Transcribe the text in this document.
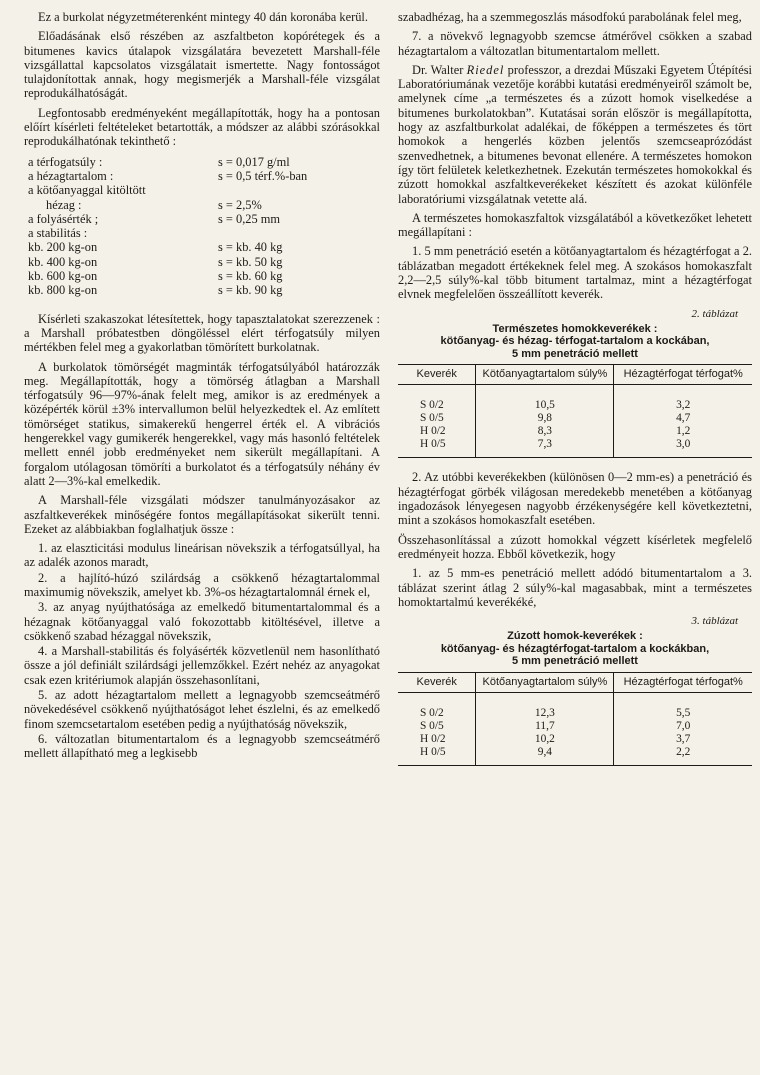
Ez a burkolat négyzetméterenként mintegy 40 dán koronába kerül.

Előadásának első részében az aszfaltbeton kopórétegek és a bitumenes kavics útalapok vizsgálatára bevezetett Marshall-féle vizsgállattal kapcsolatos vizsgálatait ismertette. Nagy fontosságot tulajdonítottak annak, hogy megismerjék a Marshall-féle vizsgálat reprodukálhatóságát.

Legfontosabb eredményeként megállapították, hogy ha a pontosan előírt kísérleti feltételeket betartották, a módszer az alábbi szórásokkal reprodukálhatónak tekinthető :

a térfogatsúly :	s = 0,017 g/ml
a hézagtartalom :	s = 0,5 térf.%-ban
a kötőanyaggal kitöltött
hézag :	s = 2,5%
a folyásérték ;	s = 0,25 mm
a stabilitás :
kb. 200 kg-on	s = kb. 40 kg
kb. 400 kg-on	s = kb. 50 kg
kb. 600 kg-on	s = kb. 60 kg
kb. 800 kg-on	s = kb. 90 kg

Kísérleti szakaszokat létesítettek, hogy tapasztalatokat szerezzenek : a Marshall próbatestben döngöléssel elért térfogatsúly milyen mértékben felel meg a gyakorlatban tömörített burkolatnak.

A burkolatok tömörségét magminták térfogatsúlyából határozzák meg. Megállapították, hogy a tömörség átlagban a Marshall térfogatsúly 96—97%-ának felelt meg, amikor is az eredmények a középérték körül ±3% intervallumon belül helyezkedtek el. Az említett tömörséget statikus, simakerekű hengerrel érték el. A vibrációs hengerekkel vagy gumikerék hengerekkel, vagy más hasonló feltételek mellett ennél jobb eredményeket nem sikerült megállapítani. A forgalom utólagosan tömöríti a burkolatot és a térfogatsúly néhány év alatt 2—3%-kal emelkedik.

A Marshall-féle vizsgálati módszer tanulmányozásakor az aszfaltkeverékek minőségére fontos megállapításokat sikerült tenni. Ezeket az alábbiakban foglalhatjuk össze :

1. az elaszticitási modulus lineárisan növekszik a térfogatsúllyal, ha az adalék azonos maradt,

2. a hajlító-húzó szilárdság a csökkenő hézagtartalommal maximumig növekszik, amelyet kb. 3%-os hézagtartalomnál érnek el,

3. az anyag nyújthatósága az emelkedő bitumentartalommal és a hézagnak kötőanyaggal való fokozottabb kitöltésével, illetve a csökkenő szabad hézaggal növekszik,

4. a Marshall-stabilitás és folyásérték közvetlenül nem hasonlítható össze a jól definiált szilárdsági jellemzőkkel. Ezért nehéz az anyagokat csak ezen kritériumok alapján összehasonlítani,

5. az adott hézagtartalom mellett a legnagyobb szemcseátmérő növekedésével csökkenő nyújthatóságot lehet észlelni, és az emelkedő finom szemcsetartalom esetében pedig a nyújthatóság növekszik,

6. változatlan bitumentartalom és a legnagyobb szemcseátmérő mellett állapítható meg a legkisebb

szabadhézag, ha a szemmegoszlás másodfokú parabolának felel meg,

7. a növekvő legnagyobb szemcse átmérővel csökken a szabad hézagtartalom a változatlan bitumentartalom mellett.

Dr. Walter Riedel professzor, a drezdai Műszaki Egyetem Útépítési Laboratóriumának vezetője korábbi kutatási eredményeiről számolt be, amelynek címe „a természetes és a zúzott homok viselkedése a bitumenes burkolatokban”. Kutatásai során először is megállapította, hogy az aszfaltburkolat adalékai, de főképpen a természetes és tört homokok a hengerlés közben jelentős szemcseaprózódást szenvedhetnek, a bitumenes bevonat ellenére. A természetes homokon így tört felületek keletkezhetnek. Ezekután természetes homokokkal és zúzott homokkal aszfaltkeverékeket készített és azokat különféle laboratóriumi vizsgálatnak vetette alá.

A természetes homokaszfaltok vizsgálatából a következőket lehetett megállapítani :

1. 5 mm penetráció esetén a kötőanyagtartalom és hézagtérfogat a 2. táblázatban megadott értékeknek felel meg. A szokásos homokaszfalt 2,2—2,5 súly%-kal több bitument tartalmaz, mint a hézagtérfogat elvnek megfelelően összeállított keverék.

2. táblázat
Természetes homokkeverékek :
kötőanyag- és hézag- térfogat-tartalom a kockában,
5 mm penetráció mellett
Keverék	Kötőanyagtartalom súly%	Hézagtérfogat térfogat%
S 0/2	10,5	3,2
S 0/5	9,8	4,7
H 0/2	8,3	1,2
H 0/5	7,3	3,0

2. Az utóbbi keverékekben (különösen 0—2 mm-es) a penetráció és hézagtérfogat görbék világosan meredekebb menetében a kötőanyag ingadozások lényegesen nagyobb érzékenységére kell következtetni, mint a szokásos homokaszfalt esetében.

Összehasonlítással a zúzott homokkal végzett kísérletek megfelelő eredményeit hozza. Ebből következik, hogy

1. az 5 mm-es penetráció mellett adódó bitumentartalom a 3. táblázat szerint átlag 2 súly%-kal magasabbak, mint a természetes homoktartalmú keverékéké,

3. táblázat
Zúzott homok-keverékek :
kötőanyag- és hézagtérfogat-tartalom a kockákban,
5 mm penetráció mellett
Keverék	Kötőanyagtartalom súly%	Hézagtérfogat térfogat%
S 0/2	12,3	5,5
S 0/5	11,7	7,0
H 0/2	10,2	3,7
H 0/5	9,4	2,2
